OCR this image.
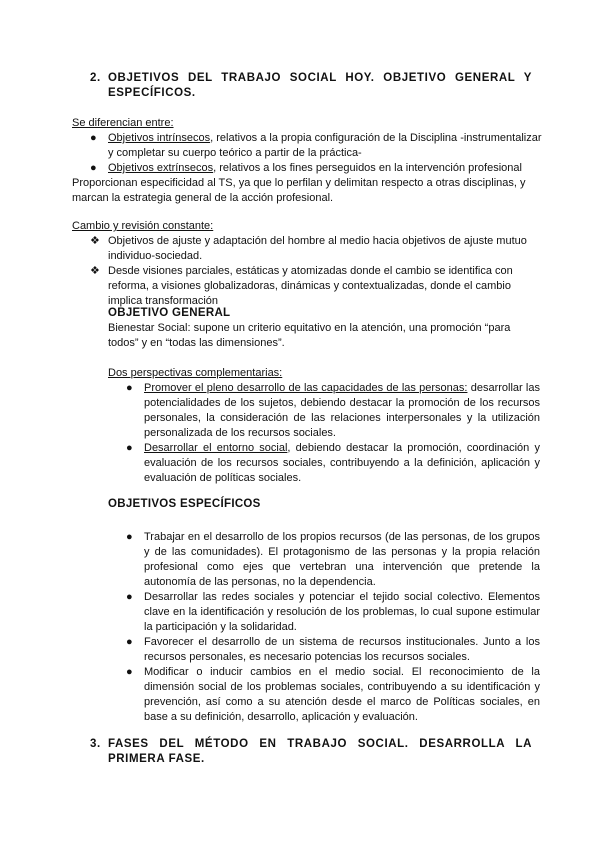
2. OBJETIVOS DEL TRABAJO SOCIAL HOY. OBJETIVO GENERAL Y ESPECÍFICOS.
Se diferencian entre:
● Objetivos intrínsecos, relativos a la propia configuración de la Disciplina -instrumentalizar y completar su cuerpo teórico a partir de la práctica-
● Objetivos extrínsecos, relativos a los fines perseguidos en la intervención profesional
Proporcionan especificidad al TS, ya que lo perfilan y delimitan respecto a otras disciplinas, y marcan la estrategia general de la acción profesional.
Cambio y revisión constante:
❖ Objetivos de ajuste y adaptación del hombre al medio hacia objetivos de ajuste mutuo individuo-sociedad.
❖ Desde visiones parciales, estáticas y atomizadas donde el cambio se identifica con reforma, a visiones globalizadoras, dinámicas y contextualizadas, donde el cambio implica transformación
OBJETIVO GENERAL
Bienestar Social: supone un criterio equitativo en la atención, una promoción “para todos” y en “todas las dimensiones”.
Dos perspectivas complementarias:
● Promover el pleno desarrollo de las capacidades de las personas: desarrollar las potencialidades de los sujetos, debiendo destacar la promoción de los recursos personales, la consideración de las relaciones interpersonales y la utilización personalizada de los recursos sociales.
● Desarrollar el entorno social, debiendo destacar la promoción, coordinación y evaluación de los recursos sociales, contribuyendo a la definición, aplicación y evaluación de políticas sociales.
OBJETIVOS ESPECÍFICOS
● Trabajar en el desarrollo de los propios recursos (de las personas, de los grupos y de las comunidades). El protagonismo de las personas y la propia relación profesional como ejes que vertebran una intervención que pretende la autonomía de las personas, no la dependencia.
● Desarrollar las redes sociales y potenciar el tejido social colectivo. Elementos clave en la identificación y resolución de los problemas, lo cual supone estimular la participación y la solidaridad.
● Favorecer el desarrollo de un sistema de recursos institucionales. Junto a los recursos personales, es necesario potencias los recursos sociales.
● Modificar o inducir cambios en el medio social. El reconocimiento de la dimensión social de los problemas sociales, contribuyendo a su identificación y prevención, así como a su atención desde el marco de Políticas sociales, en base a su definición, desarrollo, aplicación y evaluación.
3. FASES DEL MÉTODO EN TRABAJO SOCIAL. DESARROLLA LA PRIMERA FASE.
